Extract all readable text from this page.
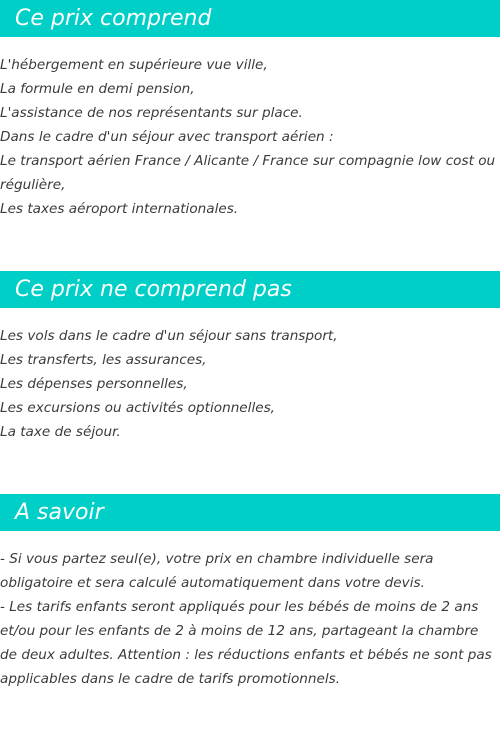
Ce prix comprend
L'hébergement en supérieure vue ville,
La formule en demi pension,
L'assistance de nos représentants sur place.
Dans le cadre d'un séjour avec transport aérien :
Le transport aérien France / Alicante / France sur compagnie low cost ou régulière,
Les taxes aéroport internationales.
Ce prix ne comprend pas
Les vols dans le cadre d'un séjour sans transport,
Les transferts, les assurances,
Les dépenses personnelles,
Les excursions ou activités optionnelles,
La taxe de séjour.
A savoir
- Si vous partez seul(e), votre prix en chambre individuelle sera obligatoire et sera calculé automatiquement dans votre devis.
- Les tarifs enfants seront appliqués pour les bébés de moins de 2 ans et/ou pour les enfants de 2 à moins de 12 ans, partageant la chambre
de deux adultes. Attention : les réductions enfants et bébés ne sont pas applicables dans le cadre de tarifs promotionnels.
